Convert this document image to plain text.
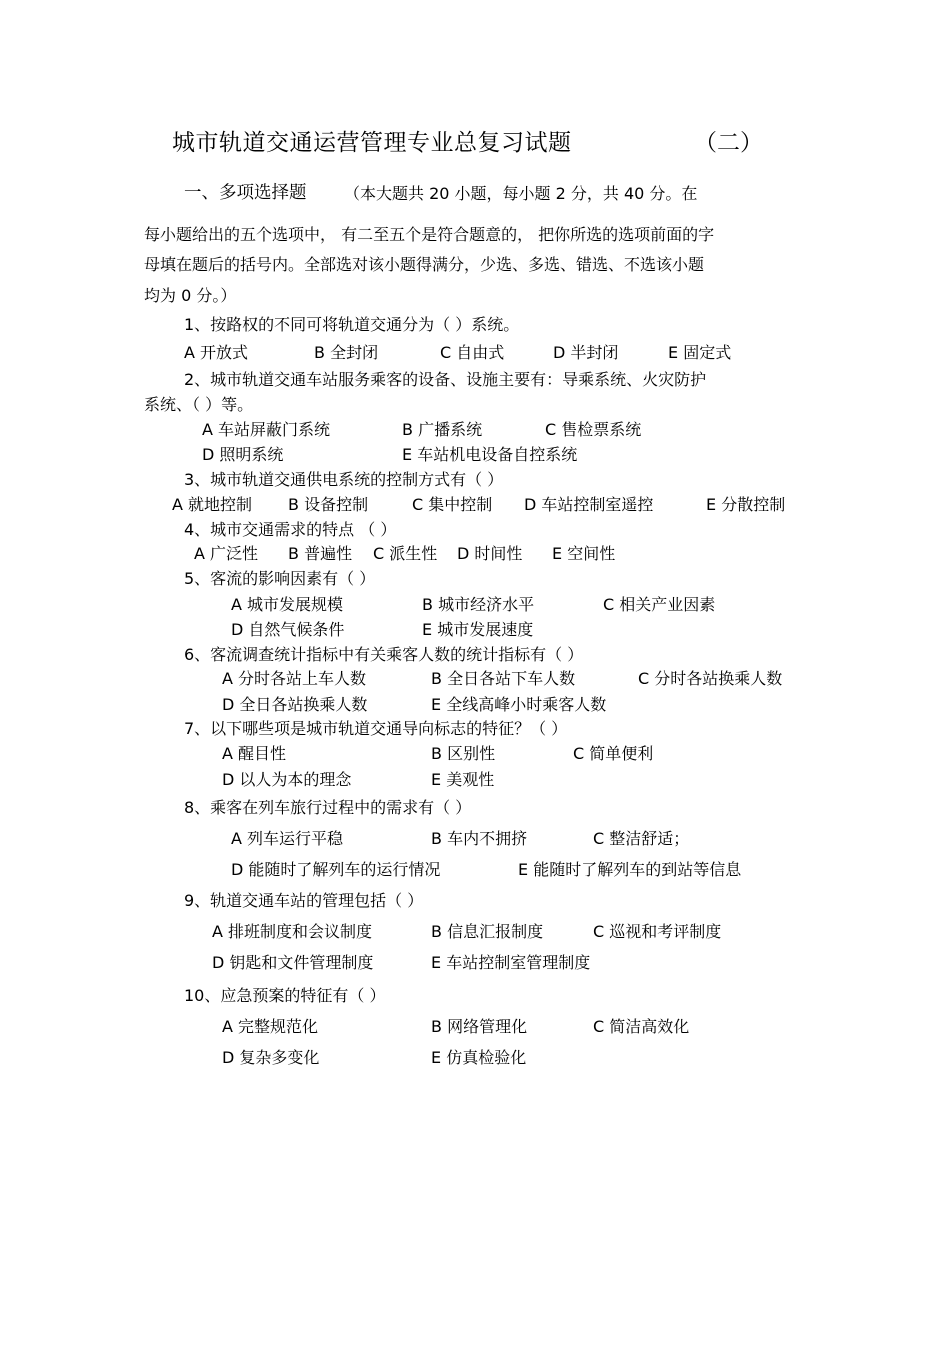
城市轨道交通运营管理专业总复习试题	（二）
一、多项选择题 （本大题共 20 小题，每小题 2 分，共 40 分。在
每小题给出的五个选项中， 有二至五个是符合题意的， 把你所选的选项前面的字
母填在题后的括号内。全部选对该小题得满分，少选、多选、错选、不选该小题
均为 0 分。）
1、按路权的不同可将轨道交通分为（ ）系统。
A 开放式	B 全封闭	C 自由式	D 半封闭	E 固定式
2、城市轨道交通车站服务乘客的设备、设施主要有：导乘系统、火灾防护
系统、（ ）等。
A 车站屏蔽门系统	B 广播系统	C 售检票系统
D 照明系统	E 车站机电设备自控系统
3、城市轨道交通供电系统的控制方式有（ ）
A 就地控制 B 设备控制	C 集中控制 D 车站控制室遥控	E 分散控制
4、城市交通需求的特点 （ ）
A 广泛性 B 普遍性 C 派生性 D 时间性 E 空间性
5、客流的影响因素有（ ）
A 城市发展规模	B 城市经济水平	C 相关产业因素
D 自然气候条件	E 城市发展速度
6、客流调查统计指标中有关乘客人数的统计指标有（ ）
A 分时各站上车人数	B 全日各站下车人数	C 分时各站换乘人数
D 全日各站换乘人数	E 全线高峰小时乘客人数
7、以下哪些项是城市轨道交通导向标志的特征？（ ）
A 醒目性	B 区别性	C 简单便利
D 以人为本的理念	E 美观性
8、乘客在列车旅行过程中的需求有（ ）
A 列车运行平稳	B 车内不拥挤	C 整洁舒适；
D 能随时了解列车的运行情况	E 能随时了解列车的到站等信息
9、轨道交通车站的管理包括（ ）
A 排班制度和会议制度	B 信息汇报制度	C 巡视和考评制度
D 钥匙和文件管理制度	E 车站控制室管理制度
10、应急预案的特征有（ ）
A 完整规范化	B 网络管理化	C 简洁高效化
D 复杂多变化	E 仿真检验化
